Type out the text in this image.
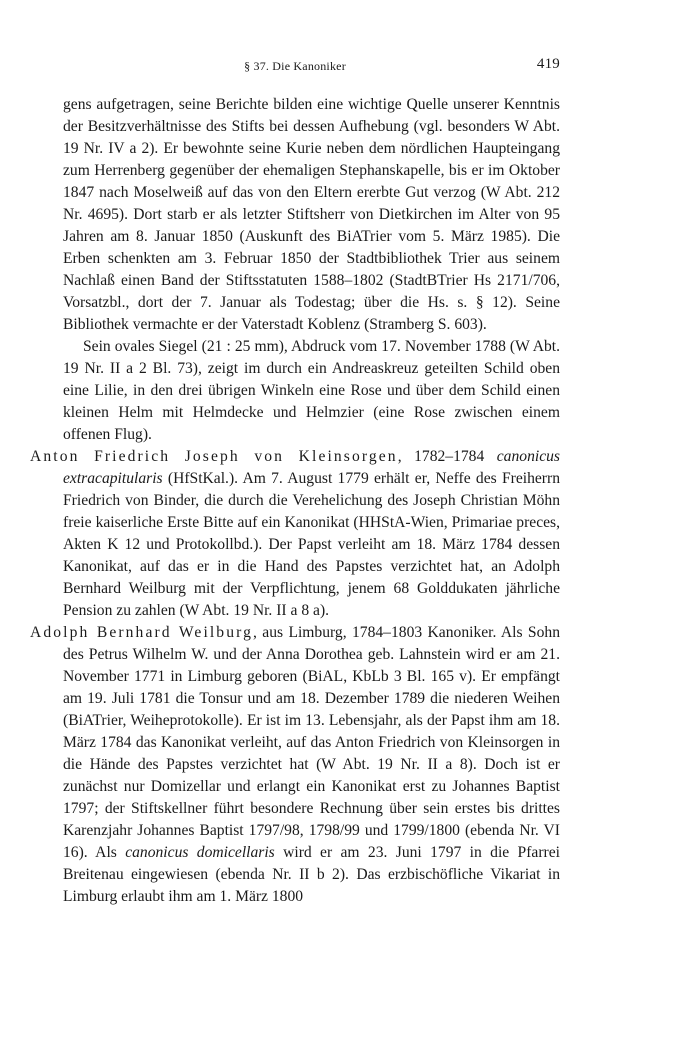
§ 37. Die Kanoniker	419

gens aufgetragen, seine Berichte bilden eine wichtige Quelle unserer Kenntnis der Besitzverhältnisse des Stifts bei dessen Aufhebung (vgl. besonders W Abt. 19 Nr. IV a 2). Er bewohnte seine Kurie neben dem nördlichen Haupteingang zum Herrenberg gegenüber der ehemaligen Stephanskapelle, bis er im Oktober 1847 nach Moselweiß auf das von den Eltern ererbte Gut verzog (W Abt. 212 Nr. 4695). Dort starb er als letzter Stiftsherr von Dietkirchen im Alter von 95 Jahren am 8. Januar 1850 (Auskunft des BiATrier vom 5. März 1985). Die Erben schenkten am 3. Februar 1850 der Stadtbibliothek Trier aus seinem Nachlaß einen Band der Stiftsstatuten 1588–1802 (StadtBTrier Hs 2171/706, Vorsatzbl., dort der 7. Januar als Todestag; über die Hs. s. § 12). Seine Bibliothek vermachte er der Vaterstadt Koblenz (Stramberg S. 603).

Sein ovales Siegel (21 : 25 mm), Abdruck vom 17. November 1788 (W Abt. 19 Nr. II a 2 Bl. 73), zeigt im durch ein Andreaskreuz geteilten Schild oben eine Lilie, in den drei übrigen Winkeln eine Rose und über dem Schild einen kleinen Helm mit Helmdecke und Helmzier (eine Rose zwischen einem offenen Flug).

Anton Friedrich Joseph von Kleinsorgen, 1782–1784 canonicus extracapitularis (HfStKal.). Am 7. August 1779 erhält er, Neffe des Freiherrn Friedrich von Binder, die durch die Verehelichung des Joseph Christian Möhn freie kaiserliche Erste Bitte auf ein Kanonikat (HHStA-Wien, Primariae preces, Akten K 12 und Protokollbd.). Der Papst verleiht am 18. März 1784 dessen Kanonikat, auf das er in die Hand des Papstes verzichtet hat, an Adolph Bernhard Weilburg mit der Verpflichtung, jenem 68 Golddukaten jährliche Pension zu zahlen (W Abt. 19 Nr. II a 8 a).

Adolph Bernhard Weilburg, aus Limburg, 1784–1803 Kanoniker. Als Sohn des Petrus Wilhelm W. und der Anna Dorothea geb. Lahnstein wird er am 21. November 1771 in Limburg geboren (BiAL, KbLb 3 Bl. 165 v). Er empfängt am 19. Juli 1781 die Tonsur und am 18. Dezember 1789 die niederen Weihen (BiATrier, Weiheprotokolle). Er ist im 13. Lebensjahr, als der Papst ihm am 18. März 1784 das Kanonikat verleiht, auf das Anton Friedrich von Kleinsorgen in die Hände des Papstes verzichtet hat (W Abt. 19 Nr. II a 8). Doch ist er zunächst nur Domizellar und erlangt ein Kanonikat erst zu Johannes Baptist 1797; der Stiftskellner führt besondere Rechnung über sein erstes bis drittes Karenzjahr Johannes Baptist 1797/98, 1798/99 und 1799/1800 (ebenda Nr. VI 16). Als canonicus domicellaris wird er am 23. Juni 1797 in die Pfarrei Breitenau eingewiesen (ebenda Nr. II b 2). Das erzbischöfliche Vikariat in Limburg erlaubt ihm am 1. März 1800
